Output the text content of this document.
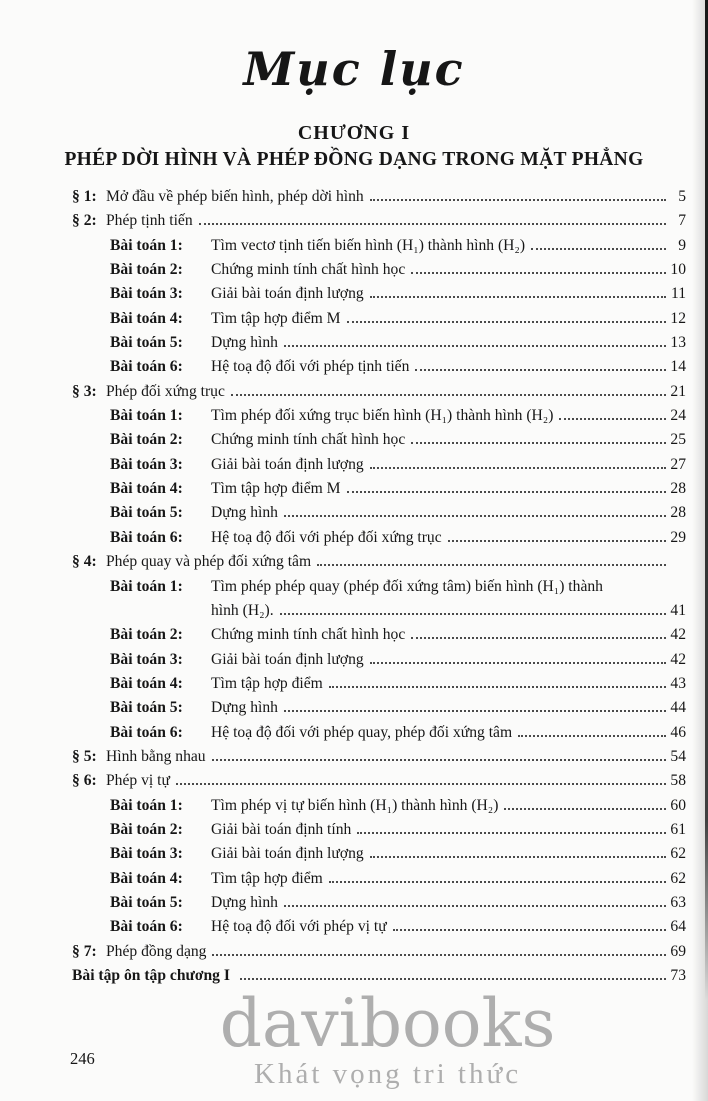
Mục lục
CHƯƠNG I
PHÉP DỜI HÌNH VÀ PHÉP ĐỒNG DẠNG TRONG MẶT PHẲNG
§ 1: Mở đầu về phép biến hình, phép dời hình	5
§ 2: Phép tịnh tiến	7
Bài toán 1:	Tìm vectơ tịnh tiến biến hình (H₁) thành hình (H₂)	9
Bài toán 2:	Chứng minh tính chất hình học	10
Bài toán 3:	Giải bài toán định lượng	11
Bài toán 4:	Tìm tập hợp điểm M	12
Bài toán 5:	Dựng hình	13
Bài toán 6:	Hệ toạ độ đối với phép tịnh tiến	14
§ 3: Phép đối xứng trục	21
Bài toán 1:	Tìm phép đối xứng trục biến hình (H₁) thành hình (H₂)	24
Bài toán 2:	Chứng minh tính chất hình học	25
Bài toán 3:	Giải bài toán định lượng	27
Bài toán 4:	Tìm tập hợp điểm M	28
Bài toán 5:	Dựng hình	28
Bài toán 6:	Hệ toạ độ đối với phép đối xứng trục	29
§ 4: Phép quay và phép đối xứng tâm
Bài toán 1:	Tìm phép phép quay (phép đối xứng tâm) biến hình (H₁) thành
hình (H₂).	41
Bài toán 2:	Chứng minh tính chất hình học	42
Bài toán 3:	Giải bài toán định lượng	42
Bài toán 4:	Tìm tập hợp điểm	43
Bài toán 5:	Dựng hình	44
Bài toán 6:	Hệ toạ độ đối với phép quay, phép đối xứng tâm	46
§ 5: Hình bằng nhau	54
§ 6: Phép vị tự	58
Bài toán 1:	Tìm phép vị tự biến hình (H₁) thành hình (H₂)	60
Bài toán 2:	Giải bài toán định tính	61
Bài toán 3:	Giải bài toán định lượng	62
Bài toán 4:	Tìm tập hợp điểm	62
Bài toán 5:	Dựng hình	63
Bài toán 6:	Hệ toạ độ đối với phép vị tự	64
§ 7: Phép đồng dạng	69
Bài tập ôn tập chương I	73
246 davibooks
Khát vọng tri thức
